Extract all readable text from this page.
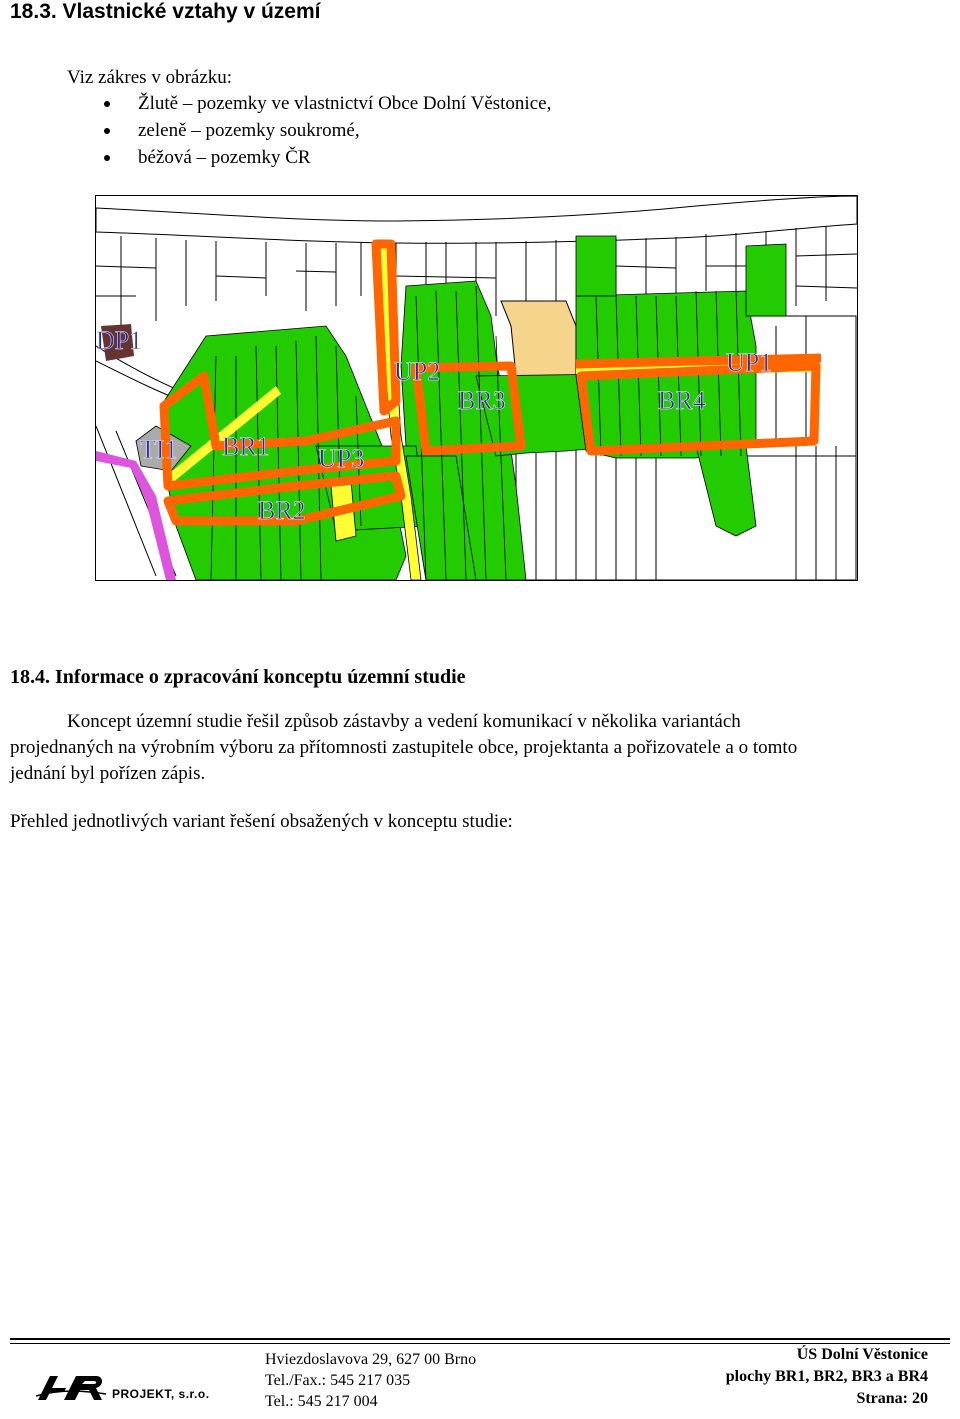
18.3. Vlastnické vztahy v území
Viz zákres v obrázku:
Žlutě – pozemky ve vlastnictví Obce Dolní Věstonice,
zeleně – pozemky soukromé,
béžová – pozemky ČR
DP1
UP2
BR3
UP1
BR4
TI1 BR1 UP3
BR2
18.4. Informace o zpracování konceptu územní studie
Koncept územní studie řešil způsob zástavby a vedení komunikací v několika variantách
projednaných na výrobním výboru za přítomnosti zastupitele obce, projektanta a pořizovatele a o tomto
jednání byl pořízen zápis.
Přehled jednotlivých variant řešení obsažených v konceptu studie:
PROJEKT, s.r.o.
Hviezdoslavova 29, 627 00 Brno
Tel./Fax.: 545 217 035
Tel.: 545 217 004
ÚS Dolní Věstonice
plochy BR1, BR2, BR3 a BR4
Strana: 20
